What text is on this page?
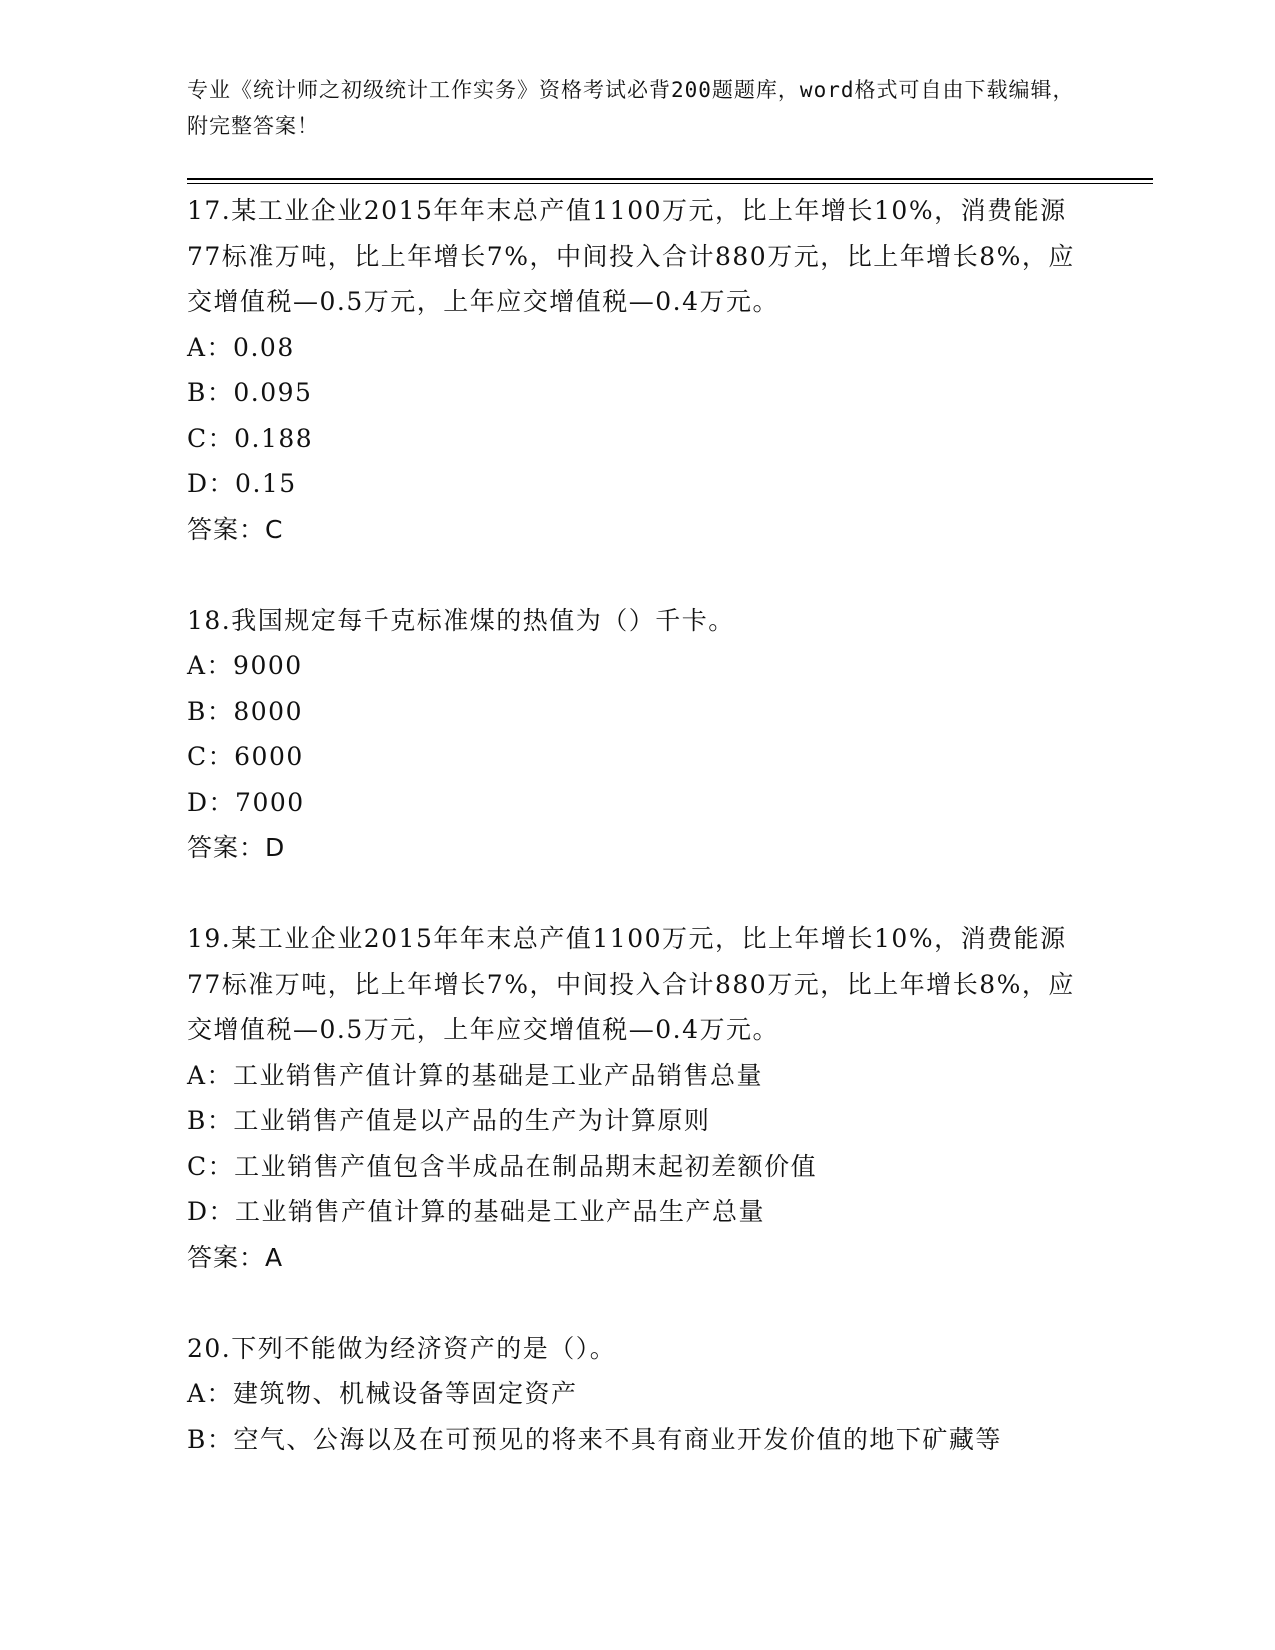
专业《统计师之初级统计工作实务》资格考试必背200题题库，word格式可自由下载编辑，附完整答案！
17.某工业企业2015年年末总产值1100万元，比上年增长10%，消费能源77标准万吨，比上年增长7%，中间投入合计880万元，比上年增长8%，应交增值税—0.5万元，上年应交增值税—0.4万元。
A：0.08
B：0.095
C：0.188
D：0.15
答案：C
18.我国规定每千克标准煤的热值为（）千卡。
A：9000
B：8000
C：6000
D：7000
答案：D
19.某工业企业2015年年末总产值1100万元，比上年增长10%，消费能源77标准万吨，比上年增长7%，中间投入合计880万元，比上年增长8%，应交增值税—0.5万元，上年应交增值税—0.4万元。
A：工业销售产值计算的基础是工业产品销售总量
B：工业销售产值是以产品的生产为计算原则
C：工业销售产值包含半成品在制品期末起初差额价值
D：工业销售产值计算的基础是工业产品生产总量
答案：A
20.下列不能做为经济资产的是（）。
A：建筑物、机械设备等固定资产
B：空气、公海以及在可预见的将来不具有商业开发价值的地下矿藏等
